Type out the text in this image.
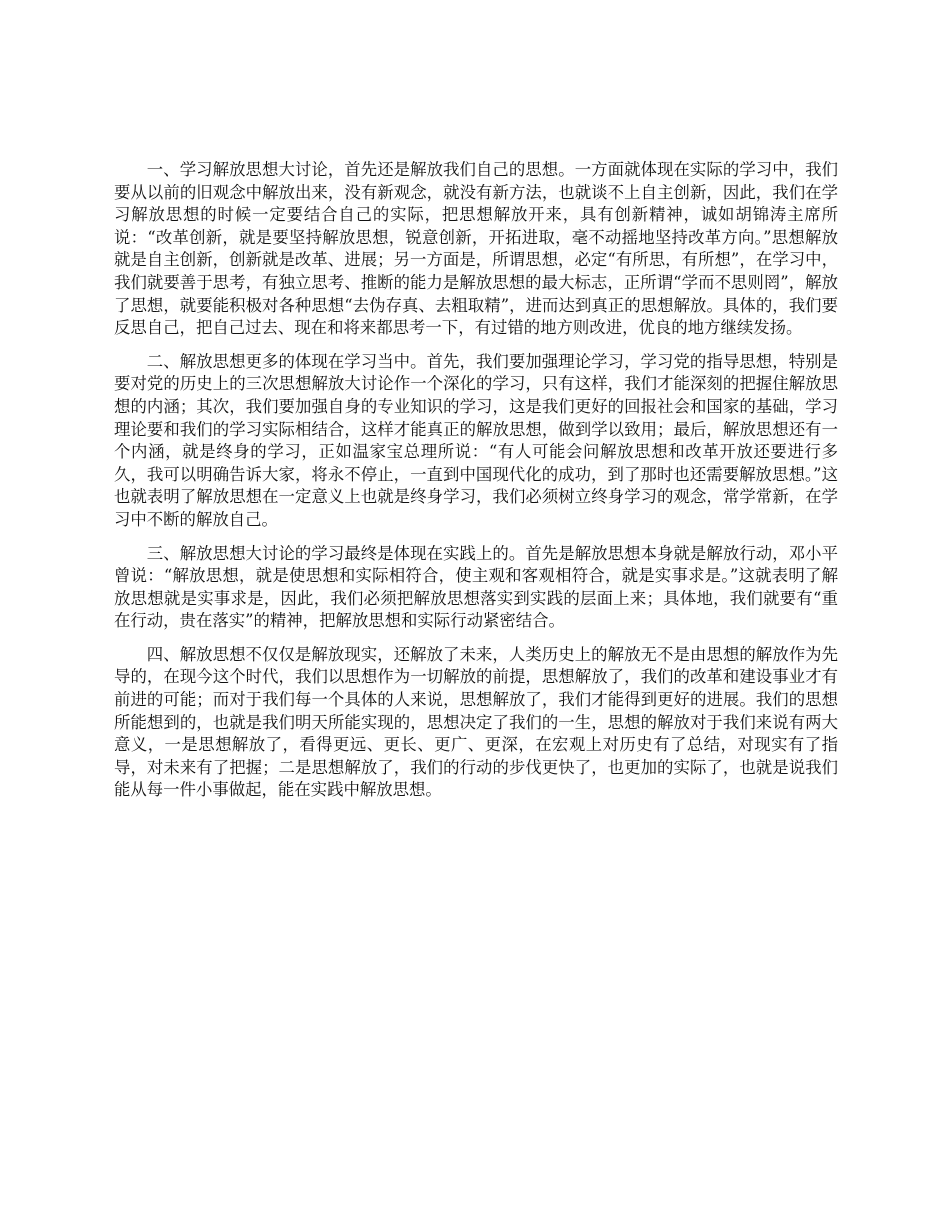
一、学习解放思想大讨论，首先还是解放我们自己的思想。一方面就体现在实际的学习中，我们要从以前的旧观念中解放出来，没有新观念，就没有新方法，也就谈不上自主创新，因此，我们在学习解放思想的时候一定要结合自己的实际，把思想解放开来，具有创新精神，诚如胡锦涛主席所说：“改革创新，就是要坚持解放思想，锐意创新，开拓进取，毫不动摇地坚持改革方向。”思想解放就是自主创新，创新就是改革、进展；另一方面是，所谓思想，必定“有所思，有所想”，在学习中，我们就要善于思考，有独立思考、推断的能力是解放思想的最大标志，正所谓“学而不思则罔”，解放了思想，就要能积极对各种思想“去伪存真、去粗取精”，进而达到真正的思想解放。具体的，我们要反思自己，把自己过去、现在和将来都思考一下，有过错的地方则改进，优良的地方继续发扬。

二、解放思想更多的体现在学习当中。首先，我们要加强理论学习，学习党的指导思想，特别是要对党的历史上的三次思想解放大讨论作一个深化的学习，只有这样，我们才能深刻的把握住解放思想的内涵；其次，我们要加强自身的专业知识的学习，这是我们更好的回报社会和国家的基础，学习理论要和我们的学习实际相结合，这样才能真正的解放思想，做到学以致用；最后，解放思想还有一个内涵，就是终身的学习，正如温家宝总理所说：“有人可能会问解放思想和改革开放还要进行多久，我可以明确告诉大家，将永不停止，一直到中国现代化的成功，到了那时也还需要解放思想。”这也就表明了解放思想在一定意义上也就是终身学习，我们必须树立终身学习的观念，常学常新，在学习中不断的解放自己。

三、解放思想大讨论的学习最终是体现在实践上的。首先是解放思想本身就是解放行动，邓小平曾说：“解放思想，就是使思想和实际相符合，使主观和客观相符合，就是实事求是。”这就表明了解放思想就是实事求是，因此，我们必须把解放思想落实到实践的层面上来；具体地，我们就要有“重在行动，贵在落实”的精神，把解放思想和实际行动紧密结合。

四、解放思想不仅仅是解放现实，还解放了未来，人类历史上的解放无不是由思想的解放作为先导的，在现今这个时代，我们以思想作为一切解放的前提，思想解放了，我们的改革和建设事业才有前进的可能；而对于我们每一个具体的人来说，思想解放了，我们才能得到更好的进展。我们的思想所能想到的，也就是我们明天所能实现的，思想决定了我们的一生，思想的解放对于我们来说有两大意义，一是思想解放了，看得更远、更长、更广、更深，在宏观上对历史有了总结，对现实有了指导，对未来有了把握；二是思想解放了，我们的行动的步伐更快了，也更加的实际了，也就是说我们能从每一件小事做起，能在实践中解放思想。
